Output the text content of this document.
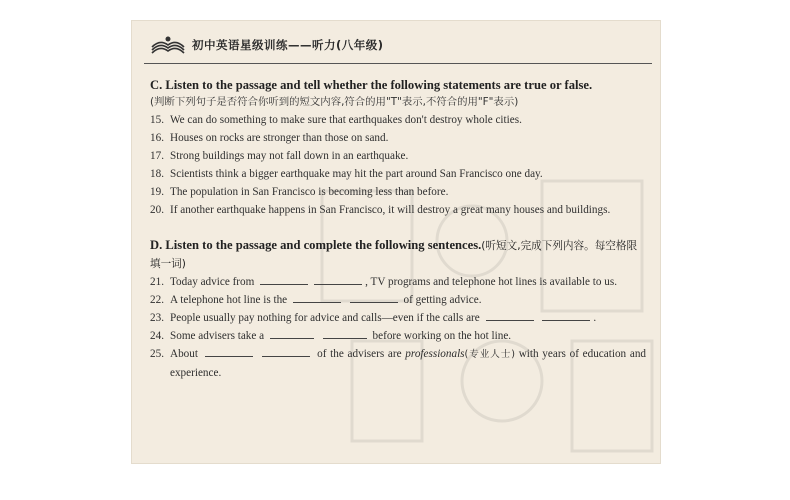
初中英语星级训练——听力(八年级)
C. Listen to the passage and tell whether the following statements are true or false.
(判断下列句子是否符合你听到的短文内容,符合的用"T"表示,不符合的用"F"表示)
15. We can do something to make sure that earthquakes don't destroy whole cities.
16. Houses on rocks are stronger than those on sand.
17. Strong buildings may not fall down in an earthquake.
18. Scientists think a bigger earthquake may hit the part around San Francisco one day.
19. The population in San Francisco is becoming less than before.
20. If another earthquake happens in San Francisco, it will destroy a great many houses and buildings.
D. Listen to the passage and complete the following sentences.(听短文,完成下列内容。每空格限填一词)
21. Today advice from	, TV programs and telephone hot lines is available to us.
22. A telephone hot line is the	of getting advice.
23. People usually pay nothing for advice and calls—even if the calls are	.
24. Some advisers take a	before working on the hot line.
25. About	of the advisers are professionals(专业人士) with years of education and experience.
